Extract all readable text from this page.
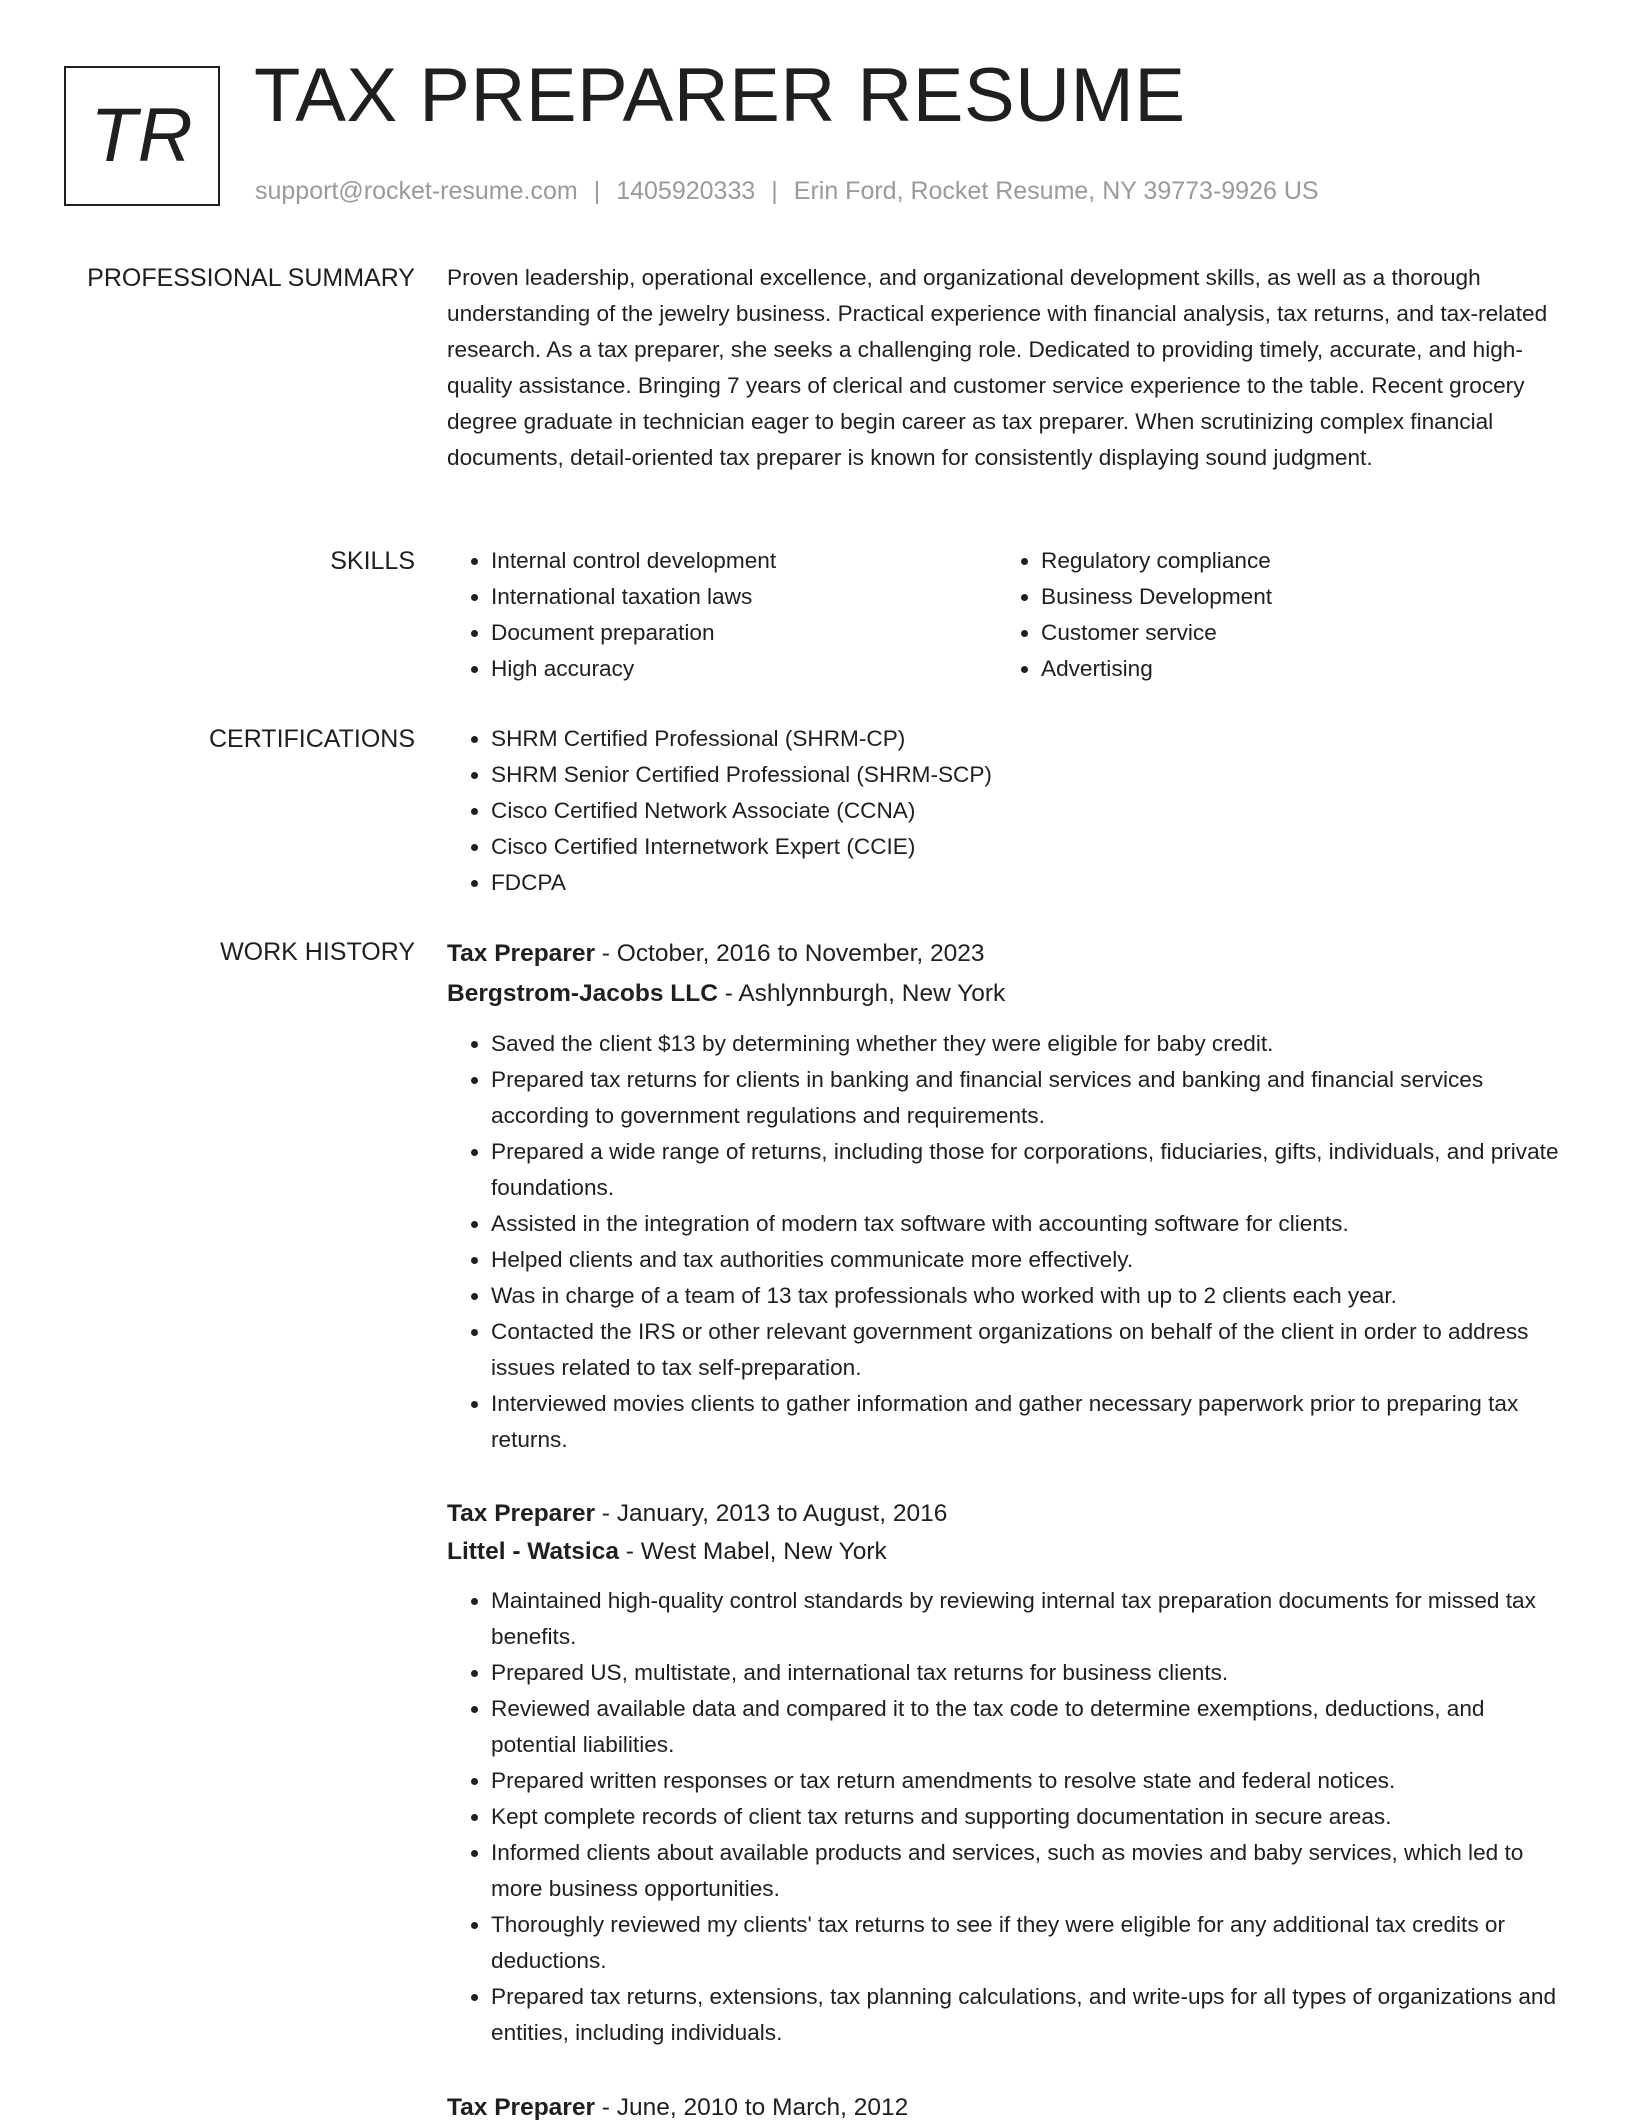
TR TAX PREPARER RESUME
support@rocket-resume.com | 1405920333 | Erin Ford, Rocket Resume, NY 39773-9926 US
PROFESSIONAL SUMMARY Proven leadership, operational excellence, and organizational development skills, as well as a thorough understanding of the jewelry business. Practical experience with financial analysis, tax returns, and tax-related research. As a tax preparer, she seeks a challenging role. Dedicated to providing timely, accurate, and high-quality assistance. Bringing 7 years of clerical and customer service experience to the table. Recent grocery degree graduate in technician eager to begin career as tax preparer. When scrutinizing complex financial documents, detail-oriented tax preparer is known for consistently displaying sound judgment.

SKILLS	• Internal control development
• International taxation laws
• Document preparation
• High accuracy
• Regulatory compliance
• Business Development
• Customer service
• Advertising
CERTIFICATIONS	• SHRM Certified Professional (SHRM-CP)
• SHRM Senior Certified Professional (SHRM-SCP)
• Cisco Certified Network Associate (CCNA)
• Cisco Certified Internetwork Expert (CCIE)
• FDCPA
WORK HISTORY Tax Preparer - October, 2016 to November, 2023
Bergstrom-Jacobs LLC - Ashlynnburgh, New York
• Saved the client $13 by determining whether they were eligible for baby credit.
• Prepared tax returns for clients in banking and financial services and banking and financial services according to government regulations and requirements.
• Prepared a wide range of returns, including those for corporations, fiduciaries, gifts, individuals, and private foundations.
• Assisted in the integration of modern tax software with accounting software for clients.
• Helped clients and tax authorities communicate more effectively.
• Was in charge of a team of 13 tax professionals who worked with up to 2 clients each year.
• Contacted the IRS or other relevant government organizations on behalf of the client in order to address issues related to tax self-preparation.
• Interviewed movies clients to gather information and gather necessary paperwork prior to preparing tax returns.
Tax Preparer - January, 2013 to August, 2016
Littel - Watsica - West Mabel, New York
• Maintained high-quality control standards by reviewing internal tax preparation documents for missed tax benefits.
• Prepared US, multistate, and international tax returns for business clients.
• Reviewed available data and compared it to the tax code to determine exemptions, deductions, and potential liabilities.
• Prepared written responses or tax return amendments to resolve state and federal notices.
• Kept complete records of client tax returns and supporting documentation in secure areas.
• Informed clients about available products and services, such as movies and baby services, which led to more business opportunities.
• Thoroughly reviewed my clients' tax returns to see if they were eligible for any additional tax credits or deductions.
• Prepared tax returns, extensions, tax planning calculations, and write-ups for all types of organizations and entities, including individuals.
Tax Preparer - June, 2010 to March, 2012
